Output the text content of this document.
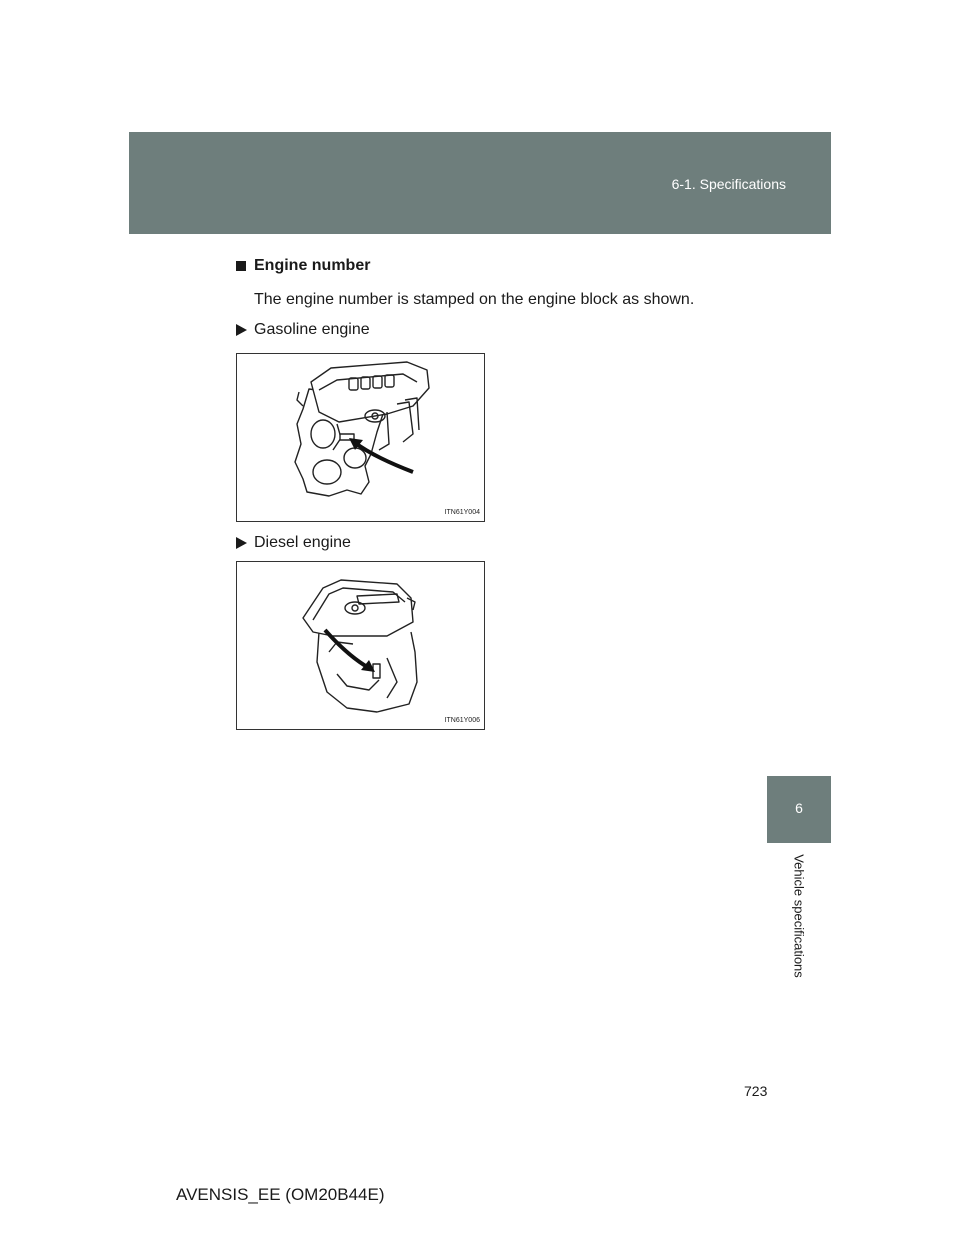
6-1. Specifications
6
Vehicle specifications
Engine number
The engine number is stamped on the engine block as shown.
Gasoline engine
ITN61Y004
Diesel engine
ITN61Y006
723
AVENSIS_EE (OM20B44E)
